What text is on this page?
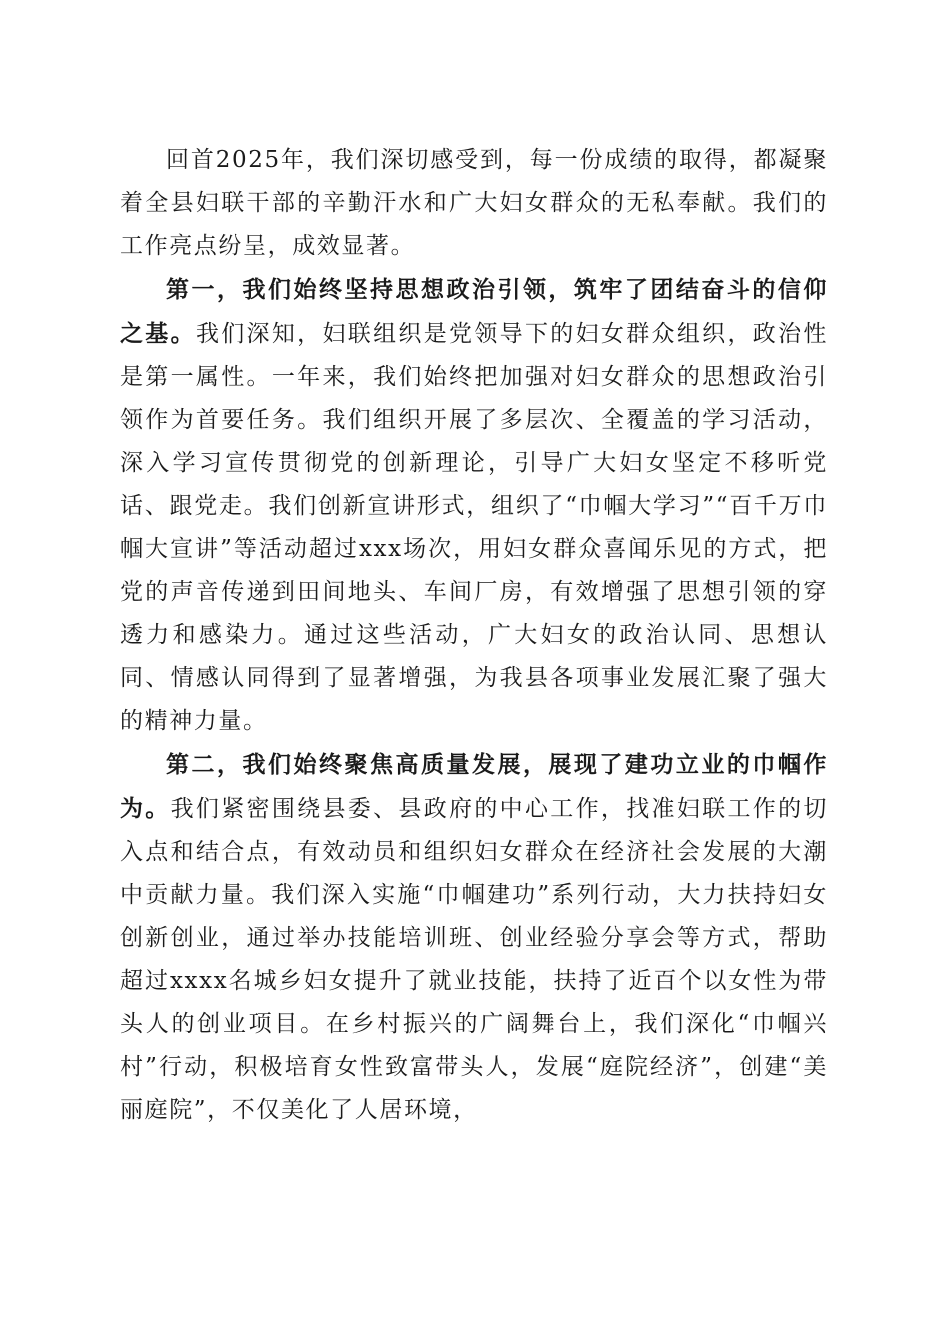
回首2025年，我们深切感受到，每一份成绩的取得，都凝聚着全县妇联干部的辛勤汗水和广大妇女群众的无私奉献。我们的工作亮点纷呈，成效显著。

第一，我们始终坚持思想政治引领，筑牢了团结奋斗的信仰之基。我们深知，妇联组织是党领导下的妇女群众组织，政治性是第一属性。一年来，我们始终把加强对妇女群众的思想政治引领作为首要任务。我们组织开展了多层次、全覆盖的学习活动，深入学习宣传贯彻党的创新理论，引导广大妇女坚定不移听党话、跟党走。我们创新宣讲形式，组织了“巾帼大学习”“百千万巾帼大宣讲”等活动超过xxx场次，用妇女群众喜闻乐见的方式，把党的声音传递到田间地头、车间厂房，有效增强了思想引领的穿透力和感染力。通过这些活动，广大妇女的政治认同、思想认同、情感认同得到了显著增强，为我县各项事业发展汇聚了强大的精神力量。

第二，我们始终聚焦高质量发展，展现了建功立业的巾帼作为。我们紧密围绕县委、县政府的中心工作，找准妇联工作的切入点和结合点，有效动员和组织妇女群众在经济社会发展的大潮中贡献力量。我们深入实施“巾帼建功”系列行动，大力扶持妇女创新创业，通过举办技能培训班、创业经验分享会等方式，帮助超过xxxx名城乡妇女提升了就业技能，扶持了近百个以女性为带头人的创业项目。在乡村振兴的广阔舞台上，我们深化“巾帼兴村”行动，积极培育女性致富带头人，发展“庭院经济”，创建“美丽庭院”，不仅美化了人居环境，
